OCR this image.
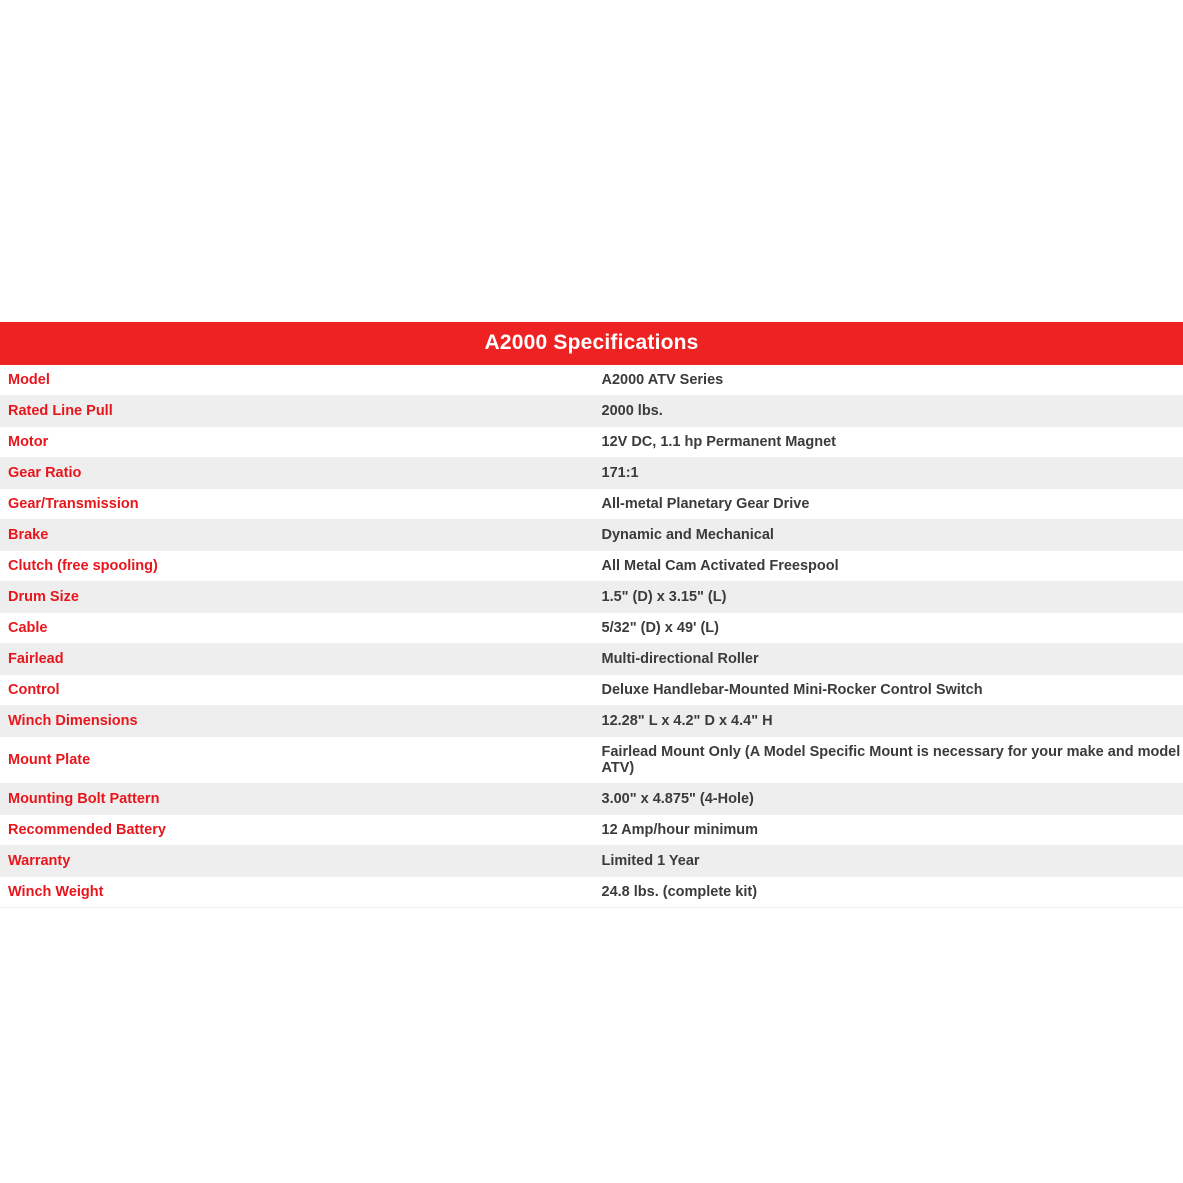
A2000 Specifications	
Model	A2000 ATV Series
Rated Line Pull	2000 lbs.
Motor	12V DC, 1.1 hp Permanent Magnet
Gear Ratio	171:1
Gear/Transmission	All-metal Planetary Gear Drive
Brake	Dynamic and Mechanical
Clutch (free spooling)	All Metal Cam Activated Freespool
Drum Size	1.5" (D) x 3.15" (L)
Cable	5/32" (D) x 49' (L)
Fairlead	Multi-directional Roller
Control	Deluxe Handlebar-Mounted Mini-Rocker Control Switch
Winch Dimensions	12.28" L x 4.2" D x 4.4" H
Mount Plate	Fairlead Mount Only (A Model Specific Mount is necessary for your make and model ATV)
Mounting Bolt Pattern	3.00" x 4.875" (4-Hole)
Recommended Battery	12 Amp/hour minimum
Warranty	Limited 1 Year
Winch Weight	24.8 lbs. (complete kit)
